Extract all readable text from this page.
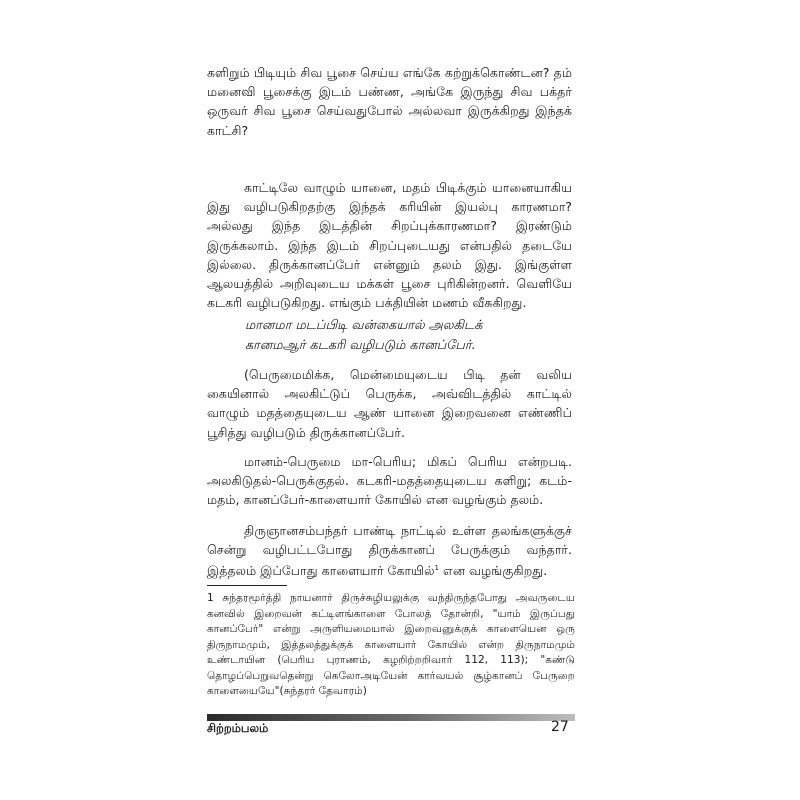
களிறும் பிடியும் சிவ பூசை செய்ய எங்கே கற்றுக்கொண்டன? தம் மனைவி பூசைக்கு இடம் பண்ண, அங்கே இருந்து சிவ பக்தர் ஒருவர் சிவ பூசை செய்வதுபோல் அல்லவா இருக்கிறது இந்தக் காட்சி?

காட்டிலே வாழும் யானை, மதம் பிடிக்கும் யானையாகிய இது வழிபடுகிறதற்கு இந்தக் கரியின் இயல்பு காரணமா? அல்லது இந்த இடத்தின் சிறப்புக்காரணமா? இரண்டும் இருக்கலாம். இந்த இடம் சிறப்புடையது என்பதில் தடையே இல்லை. திருக்கானப்பேர் என்னும் தலம் இது. இங்குள்ள ஆலயத்தில் அறிவுடைய மக்கள் பூசை புரிகின்றனர். வெளியே கடகரி வழிபடுகிறது. எங்கும் பக்தியின் மணம் வீசுகிறது.

மானமா மடப்பிடி வன்கையால் அலகிடக்
கானமஆர் கடகரி வழிபடும் கானப்பேர்.

(பெருமைமிக்க, மென்மையுடைய பிடி தன் வலிய கையினால் அலகிட்டுப் பெருக்க, அவ்விடத்தில் காட்டில் வாழும் மதத்தையுடைய ஆண் யானை இறைவனை எண்ணிப் பூசித்து வழிபடும் திருக்கானப்பேர்.

மானம்-பெருமை மா-பெரிய; மிகப் பெரிய என்றபடி. அலகிடுதல்-பெருக்குதல். கடகரி-மதத்தையுடைய களிறு; கடம்-மதம், கானப்பேர்-காளையார் கோயில் என வழங்கும் தலம்.

திருஞானசம்பந்தர் பாண்டி நாட்டில் உள்ள தலங்களுக்குச் சென்று வழிபட்டபோது திருக்கானப் பேருக்கும் வந்தார். இத்தலம் இப்போது காளையார் கோயில்$^1$ என வழங்குகிறது.

1 சுந்தரமூர்த்தி நாயனார் திருச்சுழியலுக்கு வந்திருந்தபோது அவருடைய கனவில் இறைவன் கட்டிளங்காளை போலத் தோன்றி, "யாம் இருப்பது கானப்பேர்" என்று அருளியமையால் இறைவனுக்குக் காளையென ஒரு திருநாமமும், இத்தலத்துக்குக் காளையார் கோயில் என்ற திருநாமமும் உண்டாயின (பெரிய புராணம், கழறிற்றறிவார் 112, 113); "கண்டு தொழப்பெறுவதென்று கெலோஅடியேன் கார்வயல் சூழ்கானப் பேருறை காளையையே"(சுந்தரர் தேவாரம்)

சிற்றம்பலம்	27
